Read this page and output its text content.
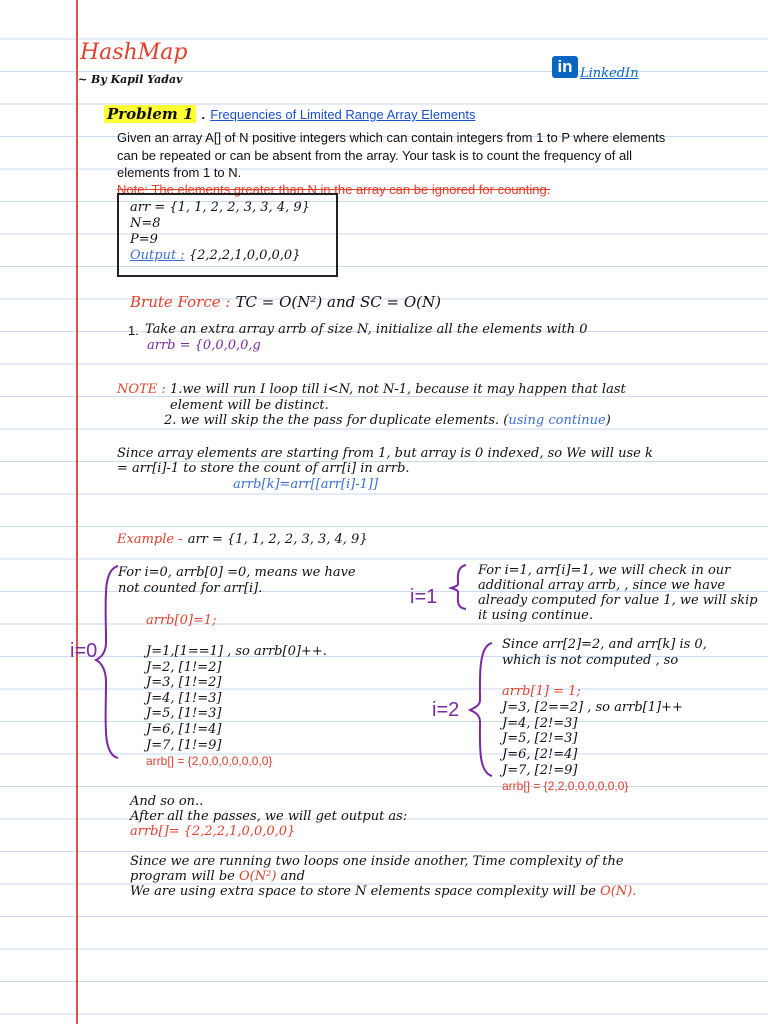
HashMap
~ By Kapil Yadav
in LinkedIn
Problem 1 . Frequencies of Limited Range Array Elements
Given an array A[] of N positive integers which can contain integers from 1 to P where elements
can be repeated or can be absent from the array. Your task is to count the frequency of all
elements from 1 to N.
Note: The elements greater than N in the array can be ignored for counting.
arr = {1, 1, 2, 2, 3, 3, 4, 9}
N=8
P=9
Output : {2,2,2,1,0,0,0,0}
Brute Force : TC = O(N²) and SC = O(N)
1. Take an extra array arrb of size N, initialize all the elements with 0
arrb = {0,0,0,0,g
NOTE : 1.we will run I loop till i<N, not N-1, because it may happen that last
element will be distinct.
2. we will skip the the pass for duplicate elements. (using continue)
Since array elements are starting from 1, but array is 0 indexed, so We will use k
= arr[i]-1 to store the count of arr[i] in arrb.
arrb[k]=arr[[arr[i]-1]]
Example - arr = {1, 1, 2, 2, 3, 3, 4, 9}
For i=0, arrb[0] =0, means we have
not counted for arr[i].
arrb[0]=1;
J=1,[1==1] , so arrb[0]++.
J=2, [1!=2]
J=3, [1!=2]
J=4, [1!=3]
J=5, [1!=3]
J=6, [1!=4]
J=7, [1!=9]
arrb[] = {2,0,0,0,0,0,0,0}
i=0
For i=1, arr[i]=1, we will check in our
additional array arrb, , since we have
already computed for value 1, we will skip
it using continue.
i=1
Since arr[2]=2, and arr[k] is 0,
which is not computed , so
arrb[1] = 1;
J=3, [2==2] , so arrb[1]++
J=4, [2!=3]
J=5, [2!=3]
J=6, [2!=4]
J=7, [2!=9]
arrb[] = {2,2,0,0,0,0,0,0}
i=2
And so on..
After all the passes, we will get output as:
arrb[]= {2,2,2,1,0,0,0,0}
Since we are running two loops one inside another, Time complexity of the
program will be O(N²) and
We are using extra space to store N elements space complexity will be O(N).
